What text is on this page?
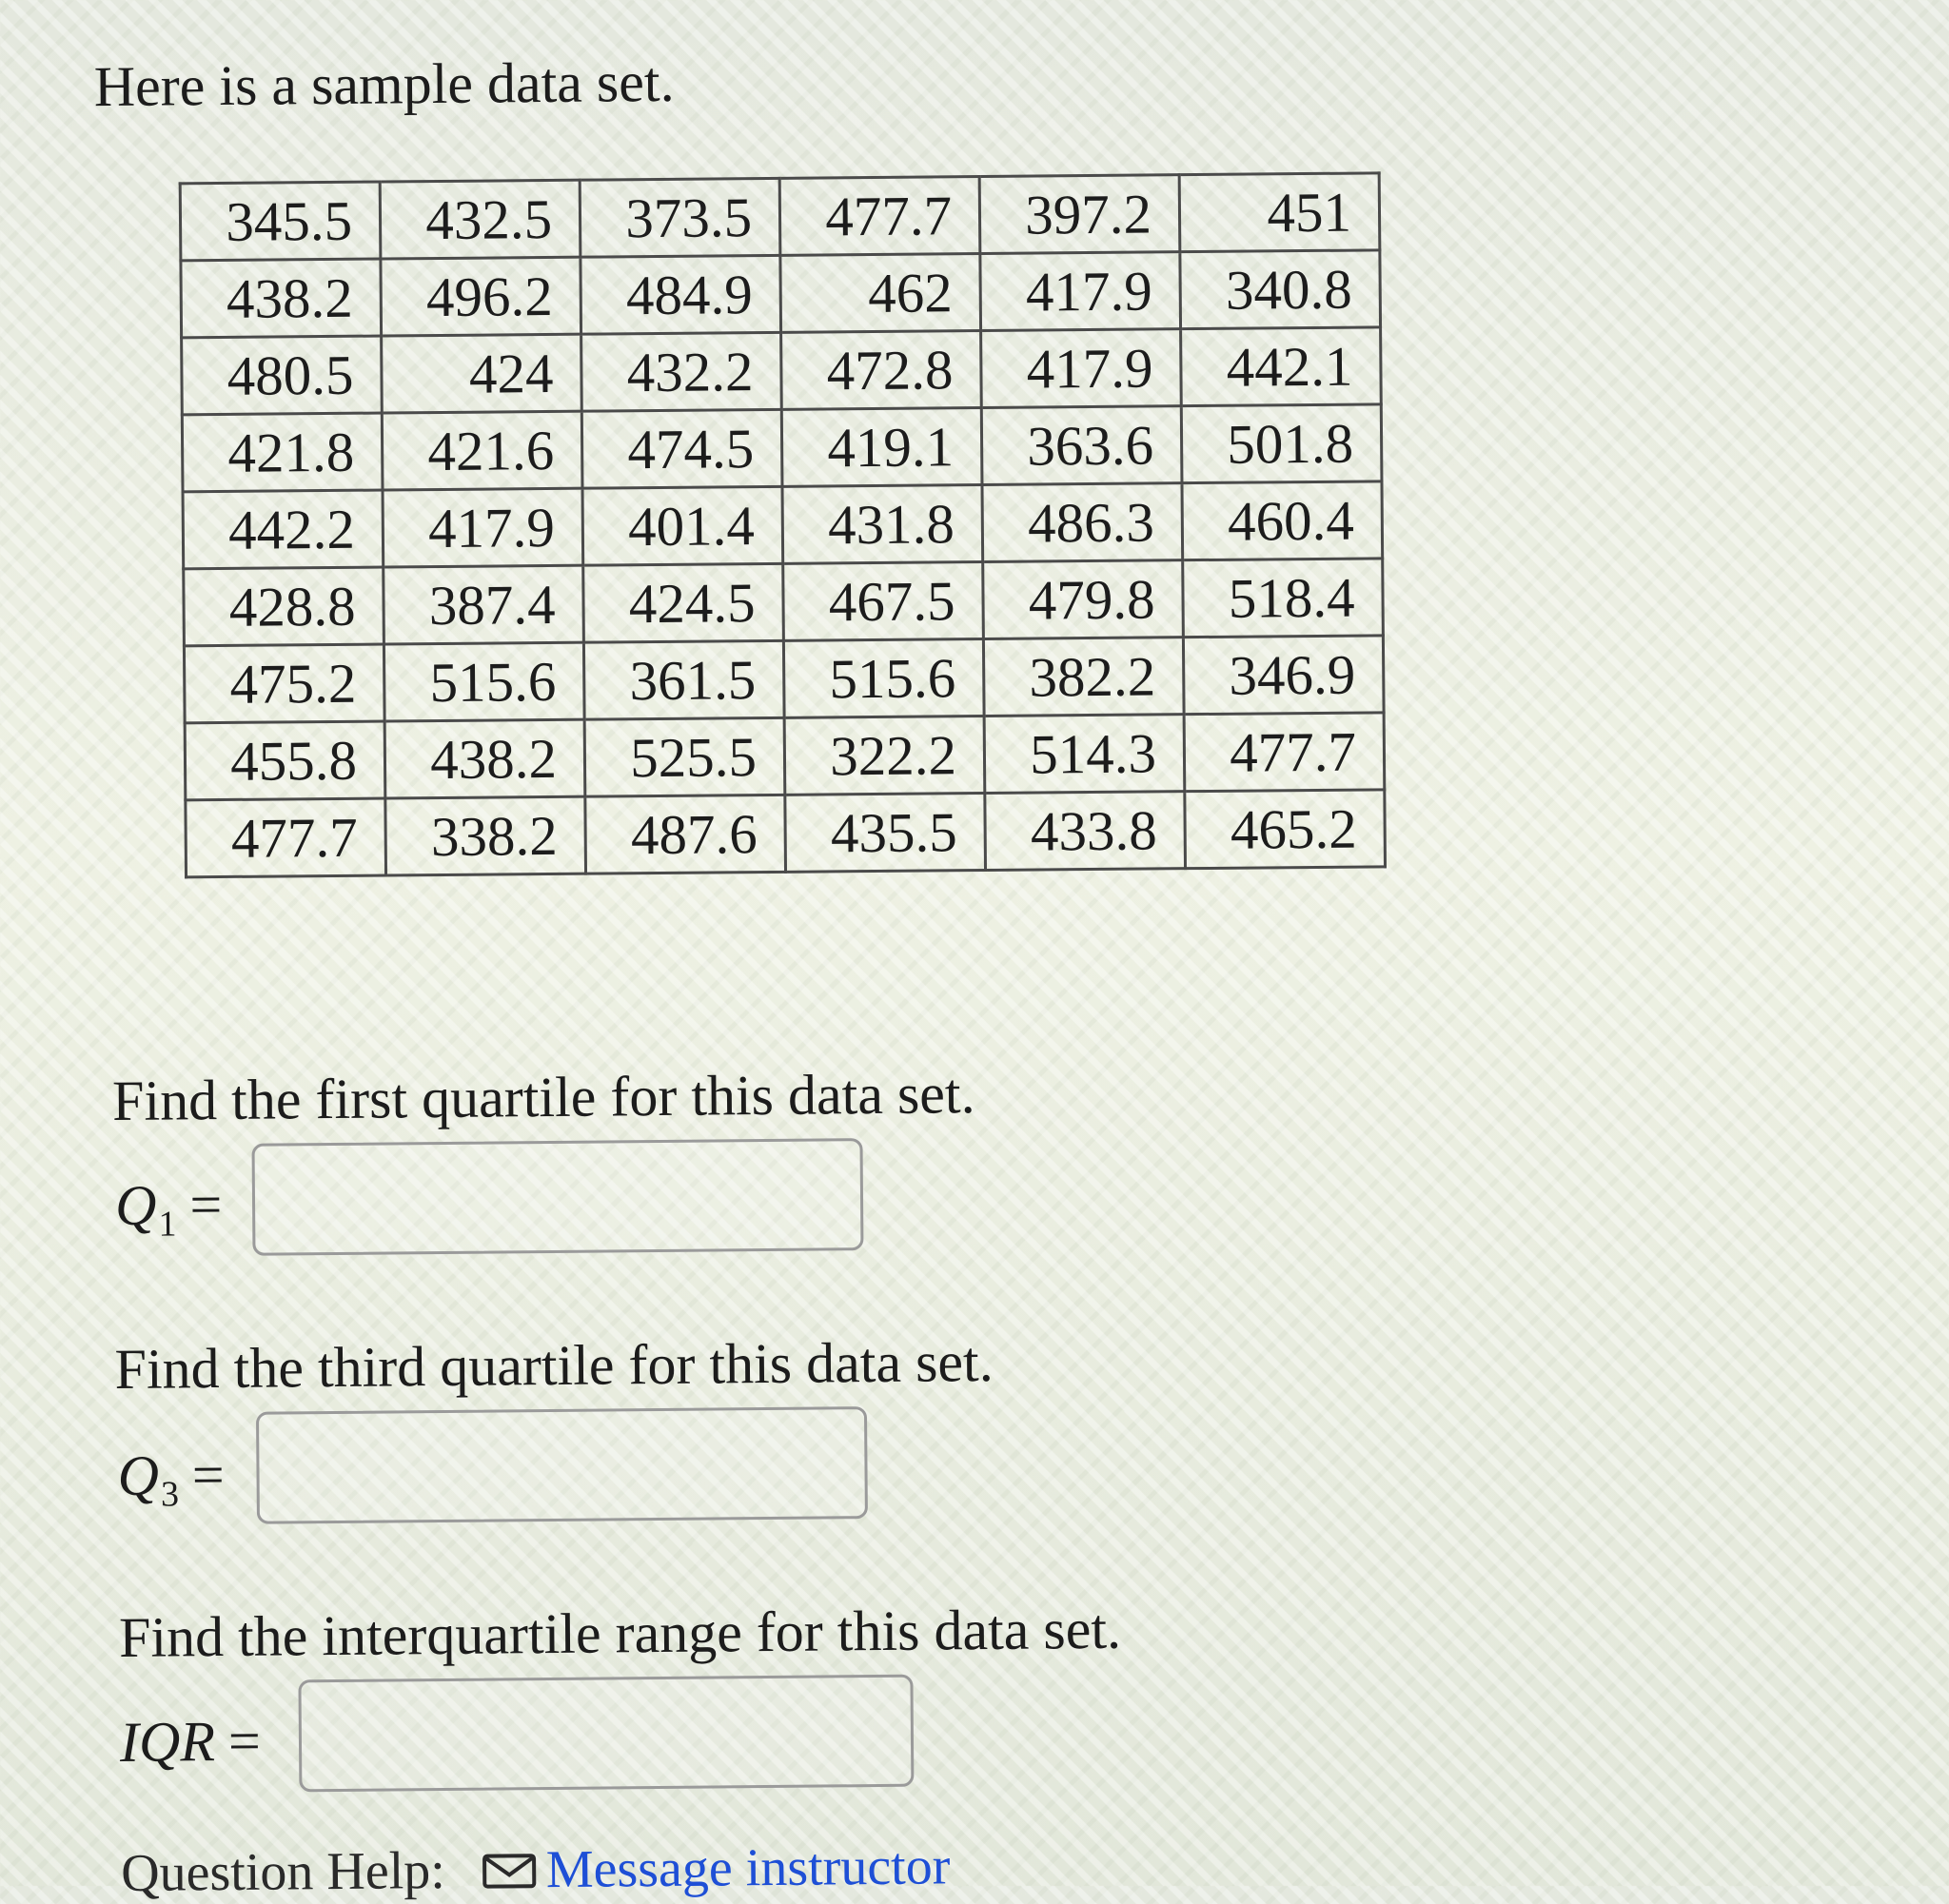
Here is a sample data set.
345.5	432.5	373.5	477.7	397.2	451
438.2	496.2	484.9	462	417.9	340.8
480.5	424	432.2	472.8	417.9	442.1
421.8	421.6	474.5	419.1	363.6	501.8
442.2	417.9	401.4	431.8	486.3	460.4
428.8	387.4	424.5	467.5	479.8	518.4
475.2	515.6	361.5	515.6	382.2	346.9
455.8	438.2	525.5	322.2	514.3	477.7
477.7	338.2	487.6	435.5	433.8	465.2
Find the first quartile for this data set.
$Q_1$ =
Find the third quartile for this data set.
$Q_3$ =
Find the interquartile range for this data set.
IQR =
Question Help: Message instructor
